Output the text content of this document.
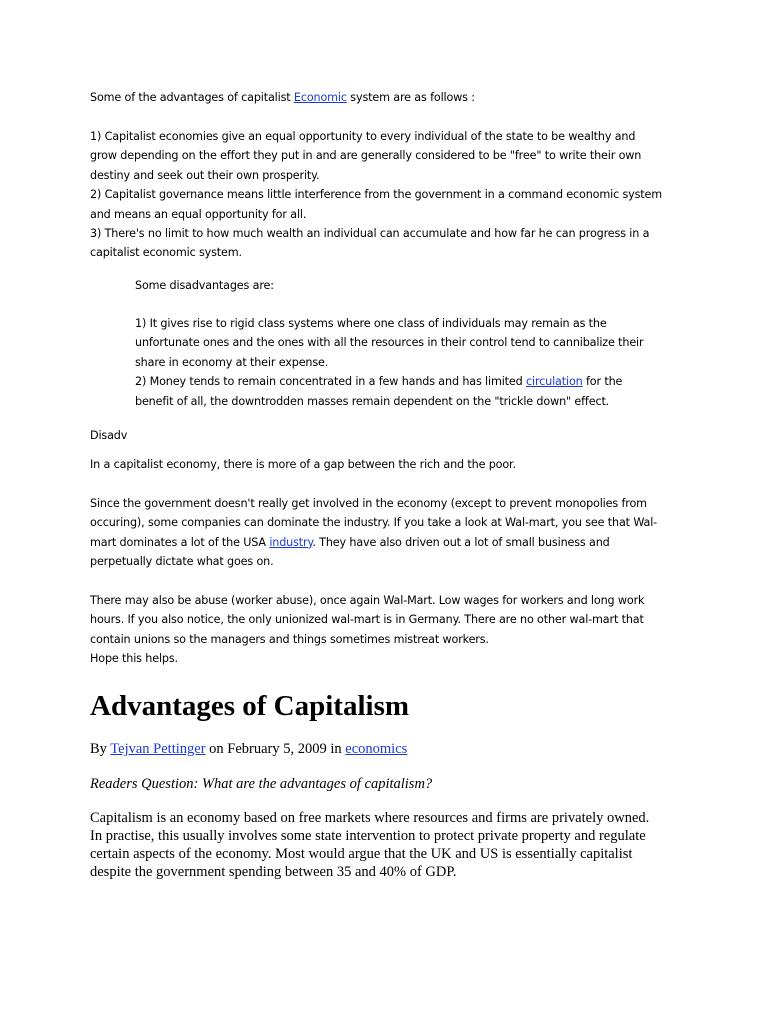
Some of the advantages of capitalist Economic system are as follows :

1) Capitalist economies give an equal opportunity to every individual of the state to be wealthy and
grow depending on the effort they put in and are generally considered to be "free" to write their own
destiny and seek out their own prosperity.

2) Capitalist governance means little interference from the government in a command economic system
and means an equal opportunity for all.

3) There's no limit to how much wealth an individual can accumulate and how far he can progress in a
capitalist economic system.

Some disadvantages are:

1) It gives rise to rigid class systems where one class of individuals may remain as the
unfortunate ones and the ones with all the resources in their control tend to cannibalize their
share in economy at their expense.

2) Money tends to remain concentrated in a few hands and has limited circulation for the
benefit of all, the downtrodden masses remain dependent on the "trickle down" effect.

Disadv
In a capitalist economy, there is more of a gap between the rich and the poor.
Since the government doesn't really get involved in the economy (except to prevent monopolies from
occuring), some companies can dominate the industry. If you take a look at Wal-mart, you see that Wal-
mart dominates a lot of the USA industry. They have also driven out a lot of small business and
perpetually dictate what goes on.
There may also be abuse (worker abuse), once again Wal-Mart. Low wages for workers and long work
hours. If you also notice, the only unionized wal-mart is in Germany. There are no other wal-mart that
contain unions so the managers and things sometimes mistreat workers.
Hope this helps.
Advantages of Capitalism
By Tejvan Pettinger on February 5, 2009 in economics
Readers Question: What are the advantages of capitalism?
Capitalism is an economy based on free markets where resources and firms are privately owned.
In practise, this usually involves some state intervention to protect private property and regulate
certain aspects of the economy. Most would argue that the UK and US is essentially capitalist
despite the government spending between 35 and 40% of GDP.
